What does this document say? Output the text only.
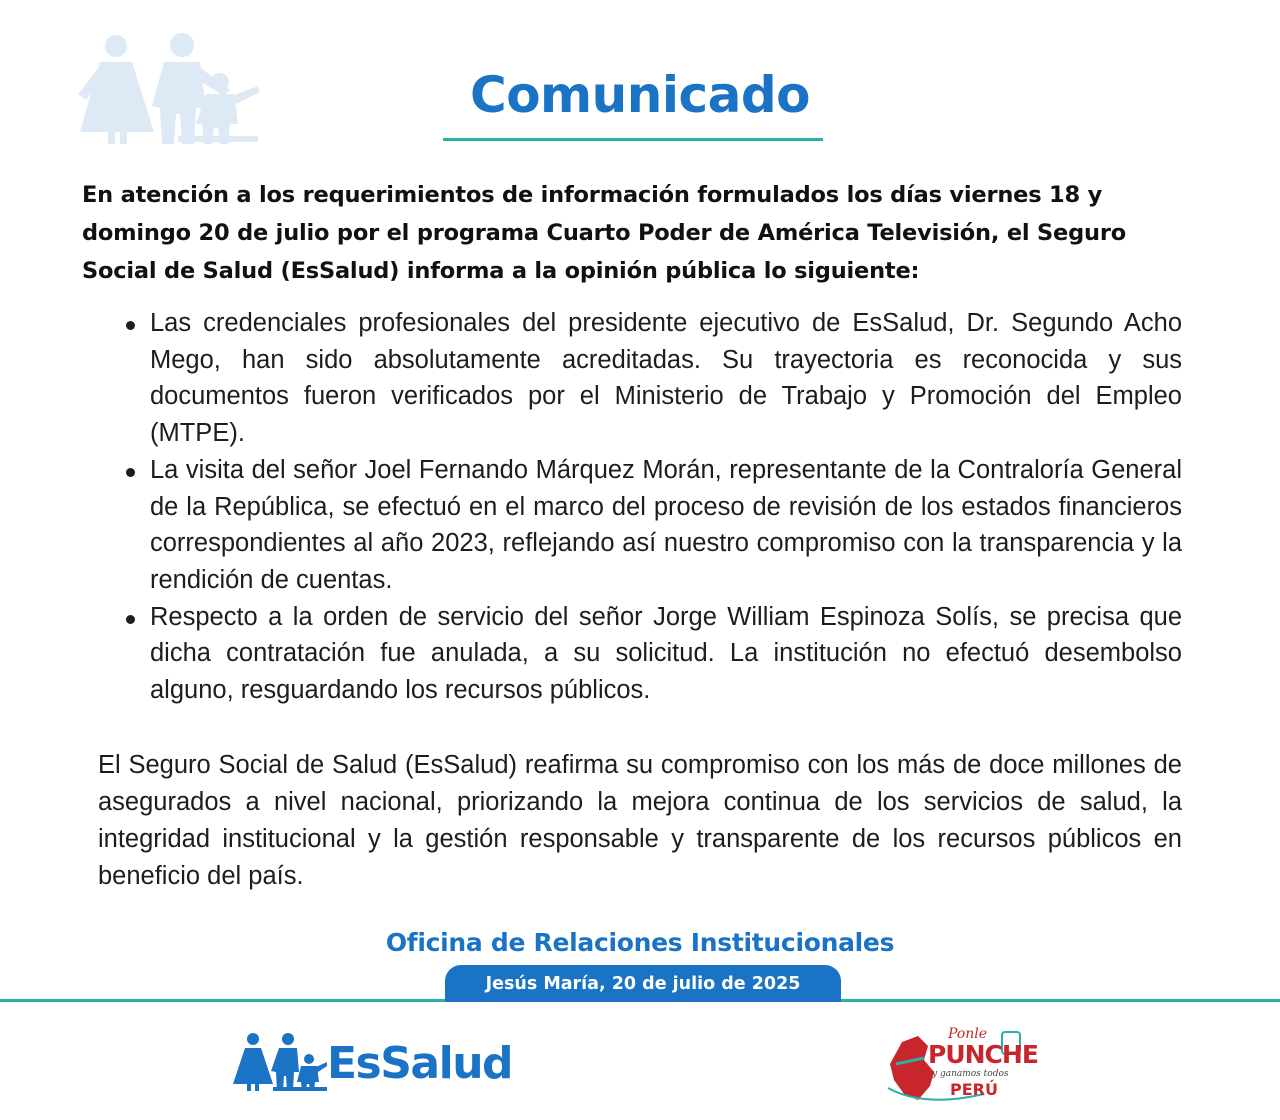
Comunicado
En atención a los requerimientos de información formulados los días viernes 18 y domingo 20 de julio por el programa Cuarto Poder de América Televisión, el Seguro Social de Salud (EsSalud) informa a la opinión pública lo siguiente:
Las credenciales profesionales del presidente ejecutivo de EsSalud, Dr. Segundo Acho Mego, han sido absolutamente acreditadas. Su trayectoria es reconocida y sus documentos fueron verificados por el Ministerio de Trabajo y Promoción del Empleo (MTPE).
La visita del señor Joel Fernando Márquez Morán, representante de la Contraloría General de la República, se efectuó en el marco del proceso de revisión de los estados financieros correspondientes al año 2023, reflejando así nuestro compromiso con la transparencia y la rendición de cuentas.
Respecto a la orden de servicio del señor Jorge William Espinoza Solís, se precisa que dicha contratación fue anulada, a su solicitud. La institución no efectuó desembolso alguno, resguardando los recursos públicos.
El Seguro Social de Salud (EsSalud) reafirma su compromiso con los más de doce millones de asegurados a nivel nacional, priorizando la mejora continua de los servicios de salud, la integridad institucional y la gestión responsable y transparente de los recursos públicos en beneficio del país.
Oficina de Relaciones Institucionales
Jesús María, 20 de julio de 2025
EsSalud
Ponle
PUNCHE
y ganamos todos
PERÚ
